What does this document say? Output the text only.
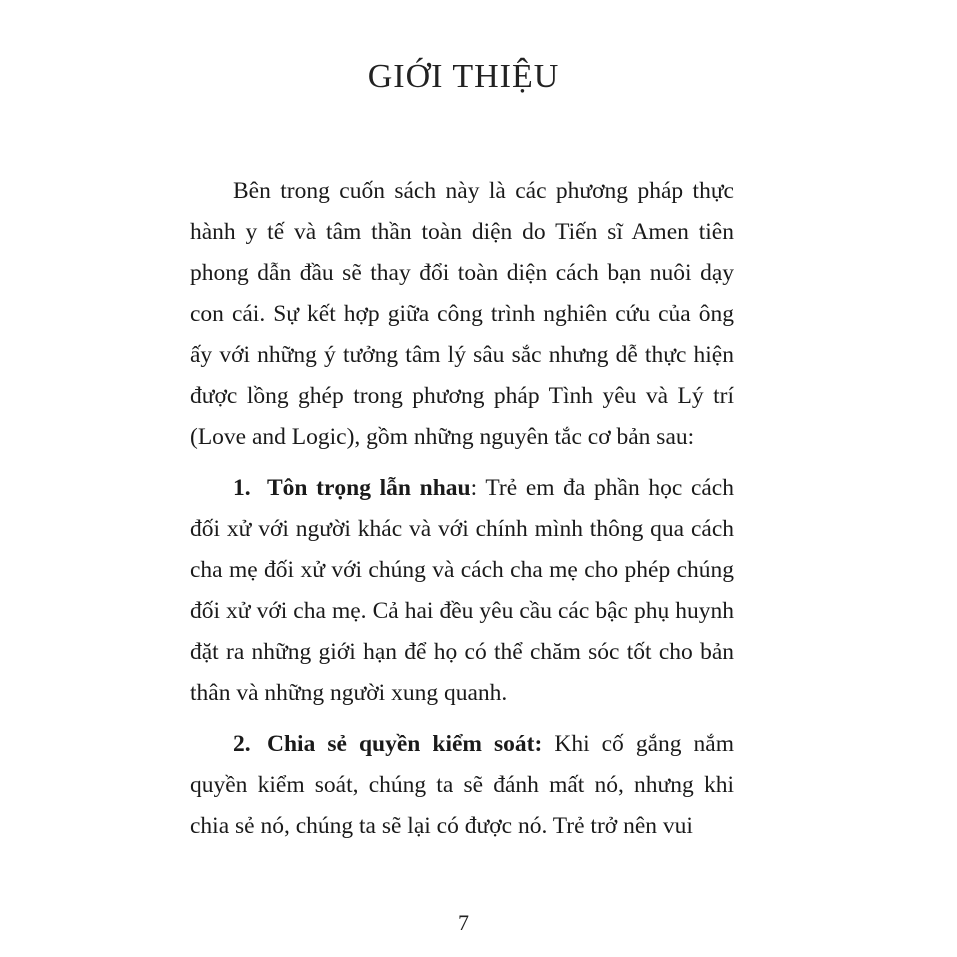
GIỚI THIỆU

Bên trong cuốn sách này là các phương pháp thực hành y tế và tâm thần toàn diện do Tiến sĩ Amen tiên phong dẫn đầu sẽ thay đổi toàn diện cách bạn nuôi dạy con cái. Sự kết hợp giữa công trình nghiên cứu của ông ấy với những ý tưởng tâm lý sâu sắc nhưng dễ thực hiện được lồng ghép trong phương pháp Tình yêu và Lý trí (Love and Logic), gồm những nguyên tắc cơ bản sau:

1. Tôn trọng lẫn nhau: Trẻ em đa phần học cách đối xử với người khác và với chính mình thông qua cách cha mẹ đối xử với chúng và cách cha mẹ cho phép chúng đối xử với cha mẹ. Cả hai đều yêu cầu các bậc phụ huynh đặt ra những giới hạn để họ có thể chăm sóc tốt cho bản thân và những người xung quanh.

2. Chia sẻ quyền kiểm soát: Khi cố gắng nắm quyền kiểm soát, chúng ta sẽ đánh mất nó, nhưng khi chia sẻ nó, chúng ta sẽ lại có được nó. Trẻ trở nên vui

7
